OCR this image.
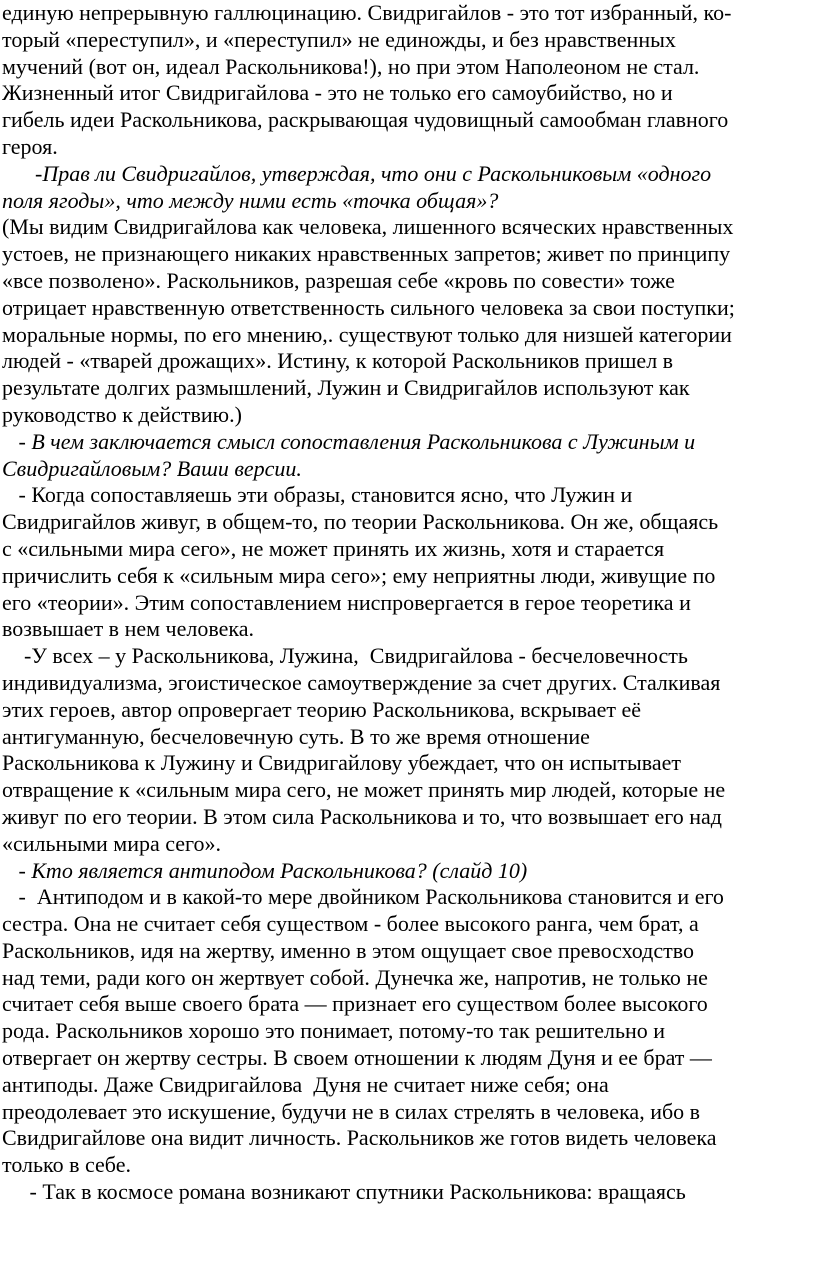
единую непрерывную галлюцинацию. Свидригайлов - это тот избранный, ко-
торый «переступил», и «переступил» не единожды, и без нравственных
мучений (вот он, идеал Раскольникова!), но при этом Наполеоном не стал.
Жизненный итог Свидригайлова - это не только его самоубийство, но и
гибель идеи Раскольникова, раскрывающая чудовищный самообман главного
героя.
-Прав ли Свидригайлов, утверждая, что они с Раскольниковым «одного
поля ягоды», что между ними есть «точка общая»?
(Мы видим Свидригайлова как человека, лишенного всяческих нравственных
устоев, не признающего никаких нравственных запретов; живет по принципу
«все позволено». Раскольников, разрешая себе «кровь по совести» тоже
отрицает нравственную ответственность сильного человека за свои поступки;
моральные нормы, по его мнению,. существуют только для низшей категории
людей - «тварей дрожащих». Истину, к которой Раскольников пришел в
результате долгих размышлений, Лужин и Свидригайлов используют как
руководство к действию.)
- В чем заключается смысл сопоставления Раскольникова с Лужиным и
Свидригайловым? Ваши версии.
- Когда сопоставляешь эти образы, становится ясно, что Лужин и
Свидригайлов живуг, в общем-то, по теории Раскольникова. Он же, общаясь
с «сильными мира сего», не может принять их жизнь, хотя и старается
причислить себя к «сильным мира сего»; ему неприятны люди, живущие по
его «теории». Этим сопоставлением ниспровергается в герое теоретика и
возвышает в нем человека.
-У всех – у Раскольникова, Лужина,  Свидригайлова - бесчеловечность
индивидуализма, эгоистическое самоутверждение за счет других. Сталкивая
этих героев, автор опровергает теорию Раскольникова, вскрывает её
антигуманную, бесчеловечную суть. В то же время отношение
Раскольникова к Лужину и Свидригайлову убеждает, что он испытывает
отвращение к «сильным мира сего, не может принять мир людей, которые не
живуг по его теории. В этом сила Раскольникова и то, что возвышает его над
«сильными мира сего».
- Кто является антиподом Раскольникова? (слайд 10)
-  Антиподом и в какой-то мере двойником Раскольникова становится и его
сестра. Она не считает себя существом - более высокого ранга, чем брат, а
Раскольников, идя на жертву, именно в этом ощущает свое превосходство
над теми, ради кого он жертвует собой. Дунечка же, напротив, не только не
считает себя выше своего брата — признает его существом более высокого
рода. Раскольников хорошо это понимает, потому-то так решительно и
отвергает он жертву сестры. В своем отношении к людям Дуня и ее брат —
антиподы. Даже Свидригайлова  Дуня не считает ниже себя; она
преодолевает это искушение, будучи не в силах стрелять в человека, ибо в
Свидригайлове она видит личность. Раскольников же готов видеть человека
только в себе.
- Так в космосе романа возникают спутники Раскольникова: вращаясь
